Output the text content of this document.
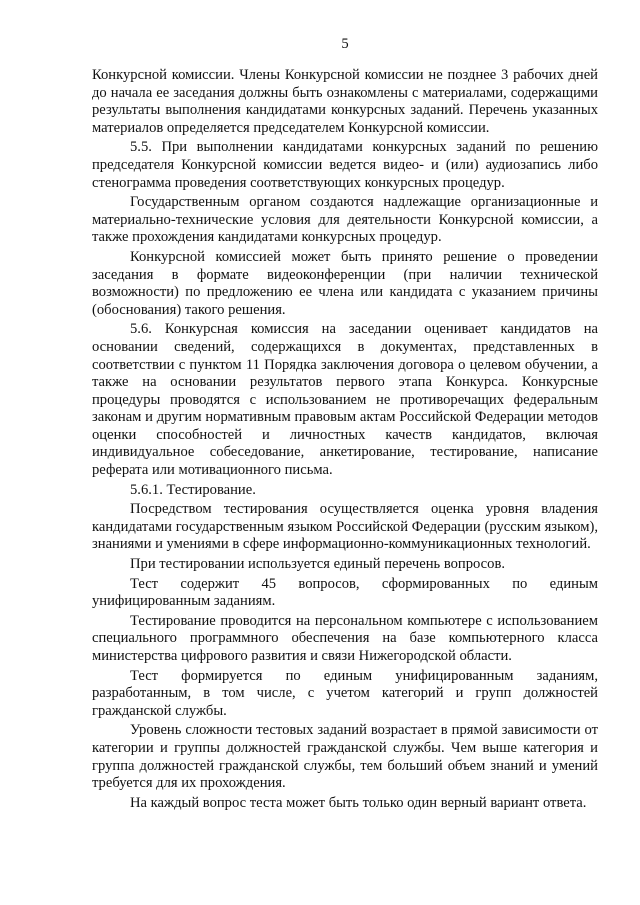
5

Конкурсной комиссии. Члены Конкурсной комиссии не позднее 3 рабочих дней до начала ее заседания должны быть ознакомлены с материалами, содержащими результаты выполнения кандидатами конкурсных заданий. Перечень указанных материалов определяется председателем Конкурсной комиссии.

5.5. При выполнении кандидатами конкурсных заданий по решению председателя Конкурсной комиссии ведется видео- и (или) аудиозапись либо стенограмма проведения соответствующих конкурсных процедур.

Государственным органом создаются надлежащие организационные и материально-технические условия для деятельности Конкурсной комиссии, а также прохождения кандидатами конкурсных процедур.

Конкурсной комиссией может быть принято решение о проведении заседания в формате видеоконференции (при наличии технической возможности) по предложению ее члена или кандидата с указанием причины (обоснования) такого решения.

5.6. Конкурсная комиссия на заседании оценивает кандидатов на основании сведений, содержащихся в документах, представленных в соответствии с пунктом 11 Порядка заключения договора о целевом обучении, а также на основании результатов первого этапа Конкурса. Конкурсные процедуры проводятся с использованием не противоречащих федеральным законам и другим нормативным правовым актам Российской Федерации методов оценки способностей и личностных качеств кандидатов, включая индивидуальное собеседование, анкетирование, тестирование, написание реферата или мотивационного письма.

5.6.1. Тестирование.

Посредством тестирования осуществляется оценка уровня владения кандидатами государственным языком Российской Федерации (русским языком), знаниями и умениями в сфере информационно-коммуникационных технологий.

При тестировании используется единый перечень вопросов.

Тест содержит 45 вопросов, сформированных по единым унифицированным заданиям.

Тестирование проводится на персональном компьютере с использованием специального программного обеспечения на базе компьютерного класса министерства цифрового развития и связи Нижегородской области.

Тест формируется по единым унифицированным заданиям, разработанным, в том числе, с учетом категорий и групп должностей гражданской службы.

Уровень сложности тестовых заданий возрастает в прямой зависимости от категории и группы должностей гражданской службы. Чем выше категория и группа должностей гражданской службы, тем больший объем знаний и умений требуется для их прохождения.

На каждый вопрос теста может быть только один верный вариант ответа.
